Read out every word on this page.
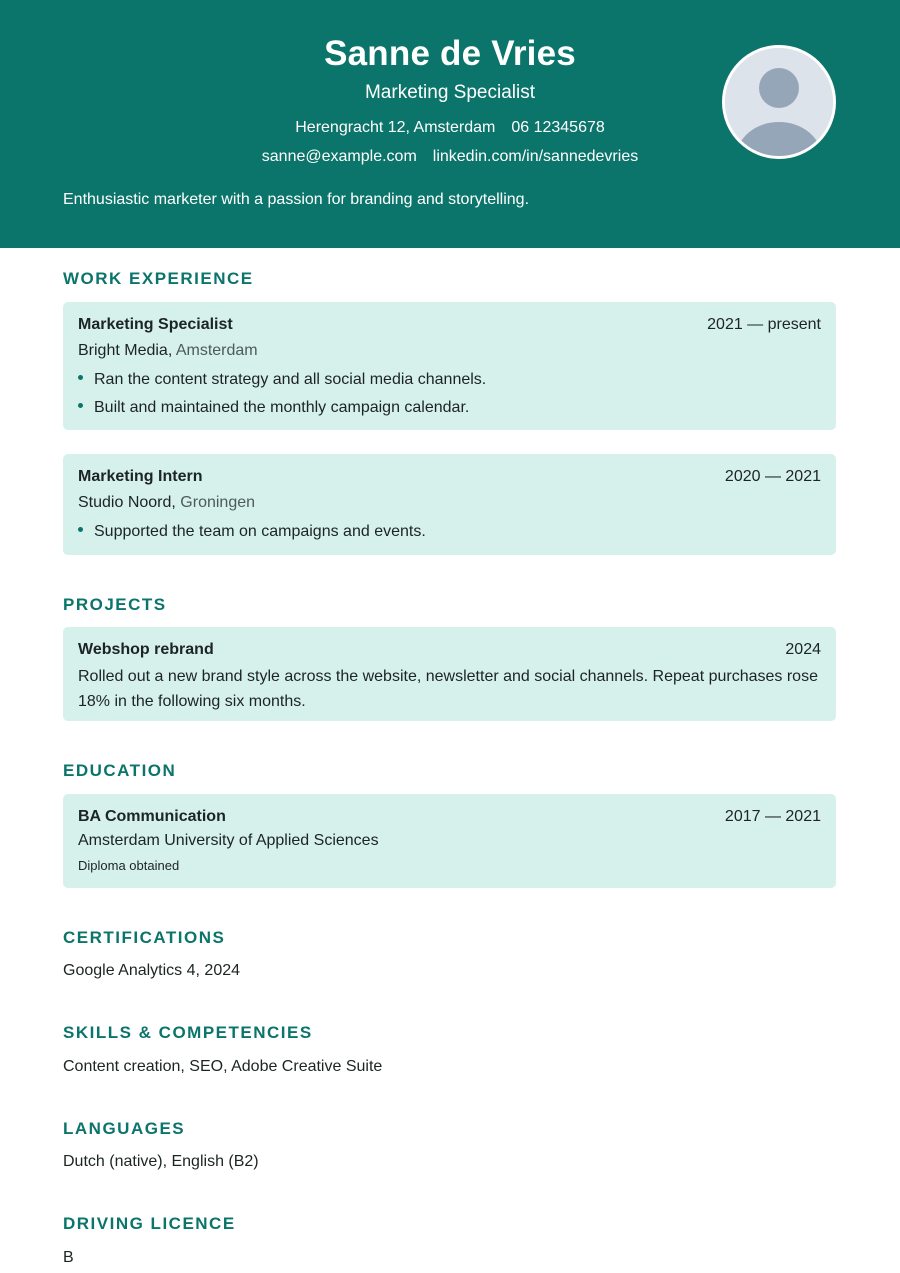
Sanne de Vries
Marketing Specialist
Herengracht 12, Amsterdam 06 12345678
sanne@example.com linkedin.com/in/sannedevries
Enthusiastic marketer with a passion for branding and storytelling.
WORK EXPERIENCE
Marketing Specialist	2021 — present
Bright Media, Amsterdam
Ran the content strategy and all social media channels.
Built and maintained the monthly campaign calendar.
Marketing Intern	2020 — 2021
Studio Noord, Groningen
Supported the team on campaigns and events.
PROJECTS
Webshop rebrand	2024
Rolled out a new brand style across the website, newsletter and social channels. Repeat purchases rose 18% in the following six months.
EDUCATION
BA Communication	2017 — 2021
Amsterdam University of Applied Sciences
Diploma obtained
CERTIFICATIONS
Google Analytics 4, 2024
SKILLS & COMPETENCIES
Content creation, SEO, Adobe Creative Suite
LANGUAGES
Dutch (native), English (B2)
DRIVING LICENCE
B
